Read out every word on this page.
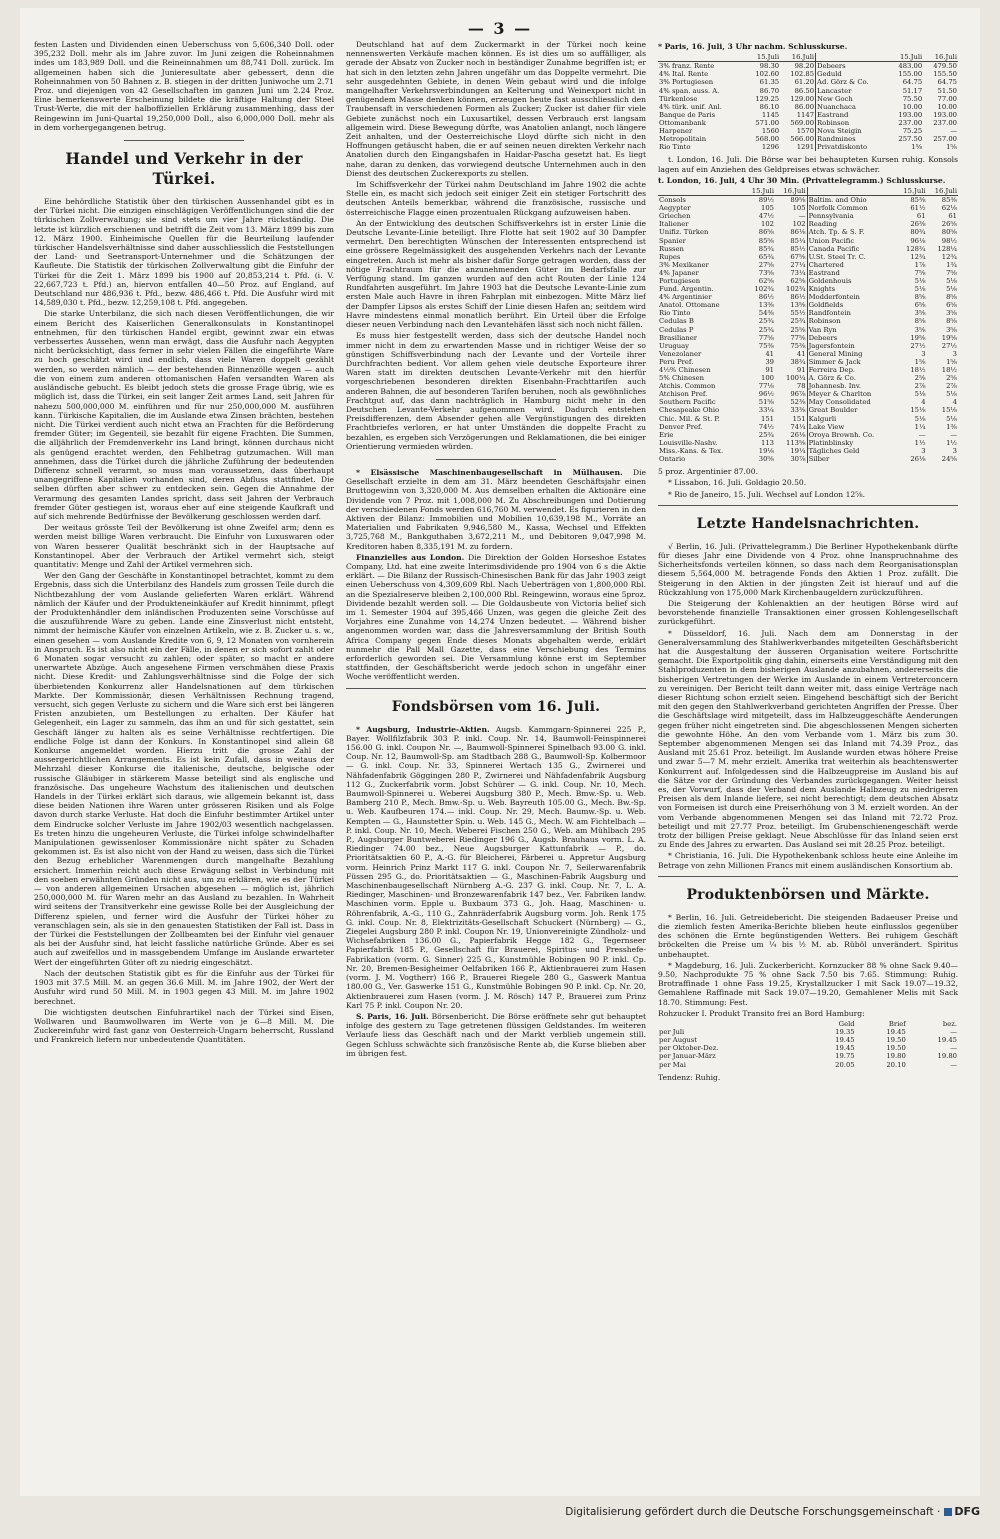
— 3 —

festen Lasten und Dividenden einen Ueberschuss von 5,606,340 Doll. oder 395,232 Doll. mehr als im Jahre zuvor. Im Juni zeigen die Roheinnahmen indes um 183,989 Doll. und die Reineinnahmen um 88,741 Doll. zurück. Im allgemeinen haben sich die Junieresultate aber gebessert, denn die Roheinnahmen von 50 Bahnen z. B. stiegen in der dritten Juniwoche um 2.71 Proz. und diejenigen von 42 Gesellschaften im ganzen Juni um 2.24 Proz. Eine bemerkenswerte Erscheinung bildete die kräftige Haltung der Steel Trust-Werte, die mit der halboffiziellen Erklärung zusammenhing, dass der Reingewinn im Juni-Quartal 19,250,000 Doll., also 6,000,000 Doll. mehr als in dem vorhergegangenen betrug.

Handel und Verkehr in der Türkei.

Eine behördliche Statistik über den türkischen Aussenhandel gibt es in der Türkei nicht. Die einzigen einschlägigen Veröffentlichungen sind die der türkischen Zollverwaltung; sie sind stets um vier Jahre rückständig. Die letzte ist kürzlich erschienen und betrifft die Zeit vom 13. März 1899 bis zum 12. März 1900. Einheimische Quellen für die Beurteilung laufender türkischer Handelsverhältnisse sind daher ausschliesslich die Feststellungen der Land- und Seetransport-Unternehmer und die Schätzungen der Kaufleute. Die Statistik der türkischen Zollverwaltung gibt die Einfuhr der Türkei für die Zeit 1. März 1899 bis 1900 auf 20,853,214 t. Pfd. (i. V. 22,667,723 t. Pfd.) an, hiervon entfallen 40—50 Proz. auf England, auf Deutschland nur 486,936 t. Pfd., bezw. 486,466 t. Pfd. Die Ausfuhr wird mit 14,589,030 t. Pfd., bezw. 12,259,108 t. Pfd. angegeben.

Die starke Unterbilanz, die sich nach diesen Veröffentlichungen, die wir einem Bericht des Kaiserlichen Generalkonsulats in Konstantinopel entnehmen, für den türkischen Handel ergibt, gewinnt zwar ein etwas verbessertes Aussehen, wenn man erwägt, dass die Ausfuhr nach Aegypten nicht berücksichtigt, dass ferner in sehr vielen Fällen die eingeführte Ware zu hoch geschätzt wird und endlich, dass viele Waren doppelt gezählt werden, so werden nämlich — der bestehenden Binnenzölle wegen — auch die von einem zum anderen ottomanischen Hafen versandten Waren als ausländische gebucht. Es bleibt jedoch stets die grosse Frage übrig, wie es möglich ist, dass die Türkei, ein seit langer Zeit armes Land, seit Jahren für nahezu 500,000,000 M. einführen und für nur 250,000,000 M. ausführen kann. Türkische Kapitalien, die im Auslande etwa Zinsen brächten, bestehen nicht. Die Türkei verdient auch nicht etwa an Frachten für die Beförderung fremder Güter; im Gegenteil, sie bezahlt für eigene Frachten. Die Summen, die alljährlich der Fremdenverkehr ins Land bringt, können durchaus nicht als genügend erachtet werden, den Fehlbetrag gutzumachen. Will man annehmen, dass die Türkei durch die jährliche Zuführung der bedeutenden Differenz schnell verarmt, so muss man voraussetzen, dass überhaupt unangegriffene Kapitalien vorhanden sind, deren Abfluss stattfindet. Die selben dürften aber schwer zu entdecken sein. Gegen die Annahme der Verarmung des gesamten Landes spricht, dass seit Jahren der Verbrauch fremder Güter gestiegen ist, woraus eher auf eine steigende Kaufkraft und auf sich mehrende Bedürfnisse der Bevölkerung geschlossen werden darf.

Der weitaus grösste Teil der Bevölkerung ist ohne Zweifel arm; denn es werden meist billige Waren verbraucht. Die Einfuhr von Luxuswaren oder von Waren besserer Qualität beschränkt sich in der Hauptsache auf Konstantinopel. Aber der Verbrauch der Artikel vermehrt sich, steigt quantitativ: Menge und Zahl der Artikel vermehren sich.

Wer den Gang der Geschäfte in Konstantinopel betrachtet, kommt zu dem Ergebnis, dass sich die Unterbilanz des Handels zum grossen Teile durch die Nichtbezahlung der vom Auslande gelieferten Waren erklärt. Während nämlich der Käufer und der Produkteneinkäufer auf Kredit hinnimmt, pflegt der Produktenhändler dem inländischen Produzenten seine Vorschüsse auf die auszuführende Ware zu geben. Lande eine Zinsverlust nicht entsteht, nimmt der heimische Käufer von einzelnen Artikeln, wie z. B. Zucker u. s. w., einen gesehen — vom Auslande Kredite von 6, 9, 12 Monaten von vornherein in Anspruch. Es ist also nicht ein der Fälle, in denen er sich sofort zahlt oder 6 Monaten sogar versucht zu zahlen; oder später, so macht er andere unerwartete Abzüge. Auch angesehene Firmen verschmähen diese Praxis nicht. Diese Kredit- und Zahlungsverhältnisse sind die Folge der sich überbietenden Konkurrenz aller Handelsnationen auf dem türkischen Markte. Der Kommissionär, diesen Verhältnissen Rechnung tragend, versucht, sich gegen Verluste zu sichern und die Ware sich erst bei längeren Fristen anzubieten, um Bestellungen zu erhalten. Der Käufer hat Gelegenheit, ein Lager zu sammeln, das ihm an und für sich gestattet, sein Geschäft länger zu halten als es seine Verhältnisse rechtfertigen. Die endliche Folge ist dann der Konkurs. In Konstantinopel sind allein 68 Konkurse angemeldet worden. Hierzu tritt die grosse Zahl der aussergerichtlichen Arrangements. Es ist kein Zufall, dass in weitaus der Mehrzahl dieser Konkurse die italienische, deutsche, belgische oder russische Gläubiger in stärkerem Masse beteiligt sind als englische und französische. Das ungeheure Wachstum des italienischen und deutschen Handels in der Türkei erklärt sich daraus, wie allgemein bekannt ist, dass diese beiden Nationen ihre Waren unter grösseren Risiken und als Folge davon durch starke Verluste. Hat doch die Einfuhr bestimmter Artikel unter dem Eindrucke solcher Verluste im Jahre 1902/03 wesentlich nachgelassen. Es treten hinzu die ungeheuren Verluste, die Türkei infolge schwindelhafter Manipulationen gewissenloser Kommissionäre nicht später zu Schaden gekommen ist. Es ist also nicht von der Hand zu weisen, dass sich die Türkei den Bezug erheblicher Warenmengen durch mangelhafte Bezahlung ersichert. Immerhin reicht auch diese Erwägung selbst in Verbindung mit den soeben erwähnten Gründen nicht aus, um zu erklären, wie es der Türkei — von anderen allgemeinen Ursachen abgesehen — möglich ist, jährlich 250,000,000 M. für Waren mehr an das Ausland zu bezahlen. In Wahrheit wird seitens der Transitverkehr eine gewisse Rolle bei der Ausgleichung der Differenz spielen, und ferner wird die Ausfuhr der Türkei höher zu veranschlagen sein, als sie in den genauesten Statistiken der Fall ist. Dass in der Türkei die Feststellungen der Zollbeamten bei der Einfuhr viel genauer als bei der Ausfuhr sind, hat leicht fassliche natürliche Gründe. Aber es sei auch auf zweifellos und in massgebendem Umfange im Auslande erwarteter Wert der eingeführten Güter oft zu niedrig eingeschätzt.

Nach der deutschen Statistik gibt es für die Einfuhr aus der Türkei für 1903 mit 37.5 Mill. M. an gegen 36.6 Mill. M. im Jahre 1902, der Wert der Ausfuhr wird rund 50 Mill. M. in 1903 gegen 43 Mill. M. im Jahre 1902 berechnet.

Die wichtigsten deutschen Einfuhrartikel nach der Türkei sind Eisen, Wollwaren und Baumwollwaren im Werte von je 6—8 Mill. M. Die Zuckereinfuhr wird fast ganz von Oesterreich-Ungarn beherrscht, Russland und Frankreich liefern nur unbedeutende Quantitäten.

Deutschland hat auf dem Zuckermarkt in der Türkei noch keine nennenswerten Verkäufe machen können. Es ist dies um so auffälliger, als gerade der Absatz von Zucker noch in beständiger Zunahme begriffen ist; er hat sich in den letzten zehn Jahren ungefähr um das Doppelte vermehrt. Die sehr ausgedehnten Gebiete, in denen Wein gebaut wird und die infolge mangelhafter Verkehrsverbindungen an Kelterung und Weinexport nicht in genügendem Masse denken können, erzeugen heute fast ausschliesslich den Traubensaft in verschiedenen Formen als Zucker; Zucker ist daher für viele Gebiete zunächst noch ein Luxusartikel, dessen Verbrauch erst langsam allgemein wird. Diese Bewegung dürfte, was Anatolien anlangt, noch längere Zeit anhalten, und der Oesterreichische Lloyd dürfte sich nicht in den Hoffnungen getäuscht haben, die er auf seinen neuen direkten Verkehr nach Anatolien durch den Eingangshafen in Haidar-Pascha gesetzt hat. Es liegt nahe, daran zu denken, das vorwiegend deutsche Unternehmen auch in den Dienst des deutschen Zuckerexports zu stellen.

Im Schiffsverkehr der Türkei nahm Deutschland im Jahre 1902 die achte Stelle ein, es macht sich jedoch seit einiger Zeit ein stetiger Fortschritt des deutschen Anteils bemerkbar, während die französische, russische und österreichische Flagge einen prozentualen Rückgang aufzuweisen haben.

An der Entwicklung des deutschen Schiffsverkehrs ist in erster Linie die Deutsche Levante-Linie beteiligt. Ihre Flotte hat seit 1902 auf 30 Dampfer vermehrt. Den berechtigten Wünschen der Interessenten entsprechend ist eine grössere Regelmässigkeit des ausgehenden Verkehrs nach der Levante eingetreten. Auch ist mehr als bisher dafür Sorge getragen worden, dass der nötige Frachtraum für die anzunehmenden Güter im Bedarfsfalle zur Verfügung stand. Im ganzen wurden auf den acht Routen der Linie 124 Rundfahrten ausgeführt. Im Jahre 1903 hat die Deutsche Levante-Linie zum ersten Male auch Havre in ihren Fahrplan mit einbezogen. Mitte März lief der Dampfer Lipsos als erstes Schiff der Linie diesen Hafen an; seitdem wird Havre mindestens einmal monatlich berührt. Ein Urteil über die Erfolge dieser neuen Verbindung nach den Levantehäfen lässt sich noch nicht fällen.

Es muss hier festgestellt werden, dass sich der deutsche Handel noch immer nicht in dem zu erwartenden Masse und in richtiger Weise der so günstigen Schiffsverbindung nach der Levante und der Vorteile ihrer Durchfrachten bedient. Vor allem gehen viele deutsche Exporteure ihrer Waren statt im direkten deutschen Levante-Verkehr mit den hierfür vorgeschriebenen besonderen direkten Eisenbahn-Frachttarifen auch anderen Bahnen, die auf besonderen Tarifen beruhen, noch als gewöhnliches Frachtgut auf, das dann nachträglich in Hamburg nicht mehr in den Deutschen Levante-Verkehr aufgenommen wird. Dadurch entstehen Preisdifferenzen, dem Absender gehen alle Vergünstigungen des direkten Frachtbriefes verloren, er hat unter Umständen die doppelte Fracht zu bezahlen, es ergeben sich Verzögerungen und Reklamationen, die bei einiger Orientierung vermieden würden.

* Elsässische Maschinenbaugesellschaft in Mülhausen. Die Gesellschaft erzielte in dem am 31. März beendeten Geschäftsjahr einen Bruttogewinn von 3,320,000 M. Aus demselben erhalten die Aktionäre eine Dividende von 7 Proz. mit 1,008,000 M. Zu Abschreibungen und Dotierung der verschiedenen Fonds werden 616,760 M. verwendet. Es figurieren in den Aktiven der Bilanz: Immobilien und Mobilien 10,639,198 M., Vorräte an Materialien und Fabrikaten 9,946,580 M., Kassa, Wechsel und Effekten 3,725,768 M., Bankguthaben 3,672,211 M., und Debitoren 9,047,998 M. Kreditoren haben 8,335,191 M. zu fordern.

Finanzielles aus London. Die Direktion der Golden Horseshoe Estates Company, Ltd. hat eine zweite Interimsdividende pro 1904 von 6 s die Aktie erklärt. — Die Bilanz der Russisch-Chinesischen Bank für das Jahr 1903 zeigt einen Ueberschuss von 4,309,609 Rbl. Nach Ueberträgen von 1,800,000 Rbl. an die Spezialreserve bleiben 2,100,000 Rbl. Reingewinn, woraus eine 5proz. Dividende bezahlt werden soll. — Die Goldausbeute von Victoria belief sich im 1. Semester 1904 auf 395,466 Unzen, was gegen die gleiche Zeit des Vorjahres eine Zunahme von 14,274 Unzen bedeutet. — Während bisher angenommen worden war, dass die Jahresversammlung der British South Africa Company gegen Ende dieses Monats abgehalten werde, erklärt nunmehr die Pall Mall Gazette, dass eine Verschiebung des Termins erforderlich geworden sei. Die Versammlung könne erst im September stattfinden, der Geschäftsbericht werde jedoch schon in ungefähr einer Woche veröffentlicht werden.

Fondsbörsen vom 16. Juli.

* Augsburg, Industrie-Aktien. Augsb. Kammgarn-Spinnerei 225 P., Bayer. Wollfilzfabrik 303 P. inkl. Coup. Nr. 14, Baumwoll-Feinspinnerei 156.00 G. inkl. Coupon Nr. —, Baumwoll-Spinnerei Spinelbach 93.00 G. inkl. Coup. Nr. 12, Baumwoll-Sp. am Stadtbach 288 G., Baumwoll-Sp. Kolbermoor — G. inkl. Coup. Nr. 33, Spinnerei Wertach 135 G., Zwirnerei und Nähfadenfabrik Göggingen 280 P., Zwirnerei und Nähfadenfabrik Augsburg 112 G., Zuckerfabrik vorm. Jobst Schürer — G. inkl. Coup. Nr. 10, Mech. Baumwoll-Spinnerei u. Weberei Augsburg 380 P., Mech. Bmw.-Sp. u. Web. Bamberg 210 P., Mech. Bmw.-Sp. u. Web. Bayreuth 105.00 G., Mech. Bw.-Sp. u. Web. Kaufbeuren 174.— inkl. Coup. Nr. 29, Mech. Baumw.-Sp. u. Web. Kempten — G., Haunstetter Spin. u. Web. 145 G., Mech. W. am Fichtelbach — P. inkl. Coup. Nr. 10, Mech. Weberei Fischen 250 G., Web. am Mühlbach 295 P., Augsburger Buntweberei Riedinger 196 G., Augsb. Brauhaus vorm. L. A. Riedinger 74.00 bez., Neue Augsburger Kattunfabrik — P., do. Prioritätsaktien 60 P., A.-G. für Bleicherei, Färberei u. Appretur Augsburg vorm. Heinrich Prinz Markt 117 G. inkl. Coupon Nr. 7, Seilerwarenfabrik Füssen 295 G., do. Prioritätsaktien — G., Maschinen-Fabrik Augsburg und Maschinenbaugesellschaft Nürnberg A.-G. 237 G. inkl. Coup. Nr. 7, L. A. Riedinger, Maschinen- und Bronzewarenfabrik 147 bez., Ver. Fabriken landw. Maschinen vorm. Epple u. Buxbaum 373 G., Joh. Haag, Maschinen- u. Röhrenfabrik, A.-G., 110 G., Zahnräderfabrik Augsburg vorm. Joh. Renk 175 G. inkl. Coup. Nr. 8, Elektrizitäts-Gesellschaft Schuckert (Nürnberg) — G., Ziegelei Augsburg 280 P. inkl. Coupon Nr. 19, Unionvereinigte Zündholz- und Wichsefabriken 136.00 G., Papierfabrik Hegge 182 G., Tegernseer Papierfabrik 185 P., Gesellschaft für Brauerei, Spiritus- und Presshefe-Fabrikation (vorm. G. Sinner) 225 G., Kunstmühle Bobingen 90 P. inkl. Cp. Nr. 20, Bremen-Besigheimer Oelfabriken 166 P., Aktienbrauerei zum Hasen (vorm. J. M. Vogtherr) 166 P., Brauerei Riegele 280 G., Gaswerk Mantua 180.00 G., Ver. Gaswerke 151 G., Kunstmühle Bobingen 90 P. inkl. Cp. Nr. 20, Aktienbrauerei zum Hasen (vorm. J. M. Rösch) 147 P., Brauerei zum Prinz Karl 75 P. inkl. Coupon Nr. 20.

S. Paris, 16. Juli. Börsenbericht. Die Börse eröffnete sehr gut behauptet infolge des gestern zu Tage getretenen flüssigen Geldstandes. Im weiteren Verlaufe liess das Geschäft nach und der Markt verblieb ungemein still. Gegen Schluss schwächte sich französische Rente ab, die Kurse blieben aber im übrigen fest.

* Paris, 16. Juli, 3 Uhr nachm. Schlusskurse.
	15.Juli	16.Juli		15.Juli	16.Juli
3% franz. Rente	98.30	98.20	Debeers	483.00	479.50
4% Ital. Rente	102.60	102.85	Geduld	155.00	155.50
3% Portugiesen	61.35	61.20	Ad. Görz & Co.	64.75	64.75
4% span. auss. A.	86.70	86.50	Lancaster	51.17	51.50
Türkenlose	129.25	129.00	New Goch	75.50	77.00
4% türk. unif. Anl.	86.10	86.00	Nuanchaca	10.00	10.00
Banque de Paris	1145	1147	Eastrand	193.00	193.00
Ottomanbank	571.00	569.00	Robinson	237.00	237.00
Harpener	1560	1570	Nova Steigin	75.25	—
Metropolitain	568.00	566.00	Randmines	257.50	257.00
Rio Tinto	1296	1291	Privatdiskonto	1⅝	1⅝

t. London, 16. Juli. Die Börse war bei behaupteten Kursen ruhig. Konsols lagen auf ein Anziehen des Geldpreises etwas schwächer.

t. London, 16. Juli, 4 Uhr 30 Min. (Privattelegramm.) Schlusskurse.
	15.Juli	16.Juli		15.Juli	16.Juli
Consols	89½	89⅝	Baltim. and Ohio	85⅜	85⅜
Aegypter	105	105	Norfolk Common	61½	62⅛
Griechen	47½	—	Pennsylvania	61	61
Italiener	102	102	Reading	26⅜	26⅝
Unifiz. Türken	86⅝	86⅛	Atch. Tp. & S. F.	80¾	80⅝
Spanier	85⅝	85¼	Union Pacific	96⅛	98½
Russen	85¾	85½	Canada Pacific	128¾	128¼
Rupes	65¾	67⅝	U.St. Steel Tr. C.	12¾	12¾
3% Mexikaner	27⅝	27¼	Chartered	1⅞	1¾
4% Japaner	73⅝	73¼	Eastrand	7⅝	7⅝
Portugiesen	62⅝	62⅝	Goldenhouis	5⅛	5⅛
Fund. Argentin.	102¾	102¾	Knights	5⅛	5⅛
4% Argentinier	86½	86½	Modderfontein	8⅝	8⅝
Anatol. Ottomane	13⅜	13⅝	Goldfields	6⅝	6⅝
Rio Tinto	54⅜	55½	Randfontein	3⅝	3⅝
Cedulas B	25¾	25¾	Robinson	8⅝	8⅝
Cedulas P	25¾	25⅝	Van Ryn	3⅝	3⅝
Brasilianer	77⅝	77⅝	Debeers	19⅝	19⅝
Uruguay	75⅜	75⅜	Jagersfontein	27½	27½
Venezolaner	41	41	General Mining	3	3
Peru Pref.	39	38¾	Simmer & Jack	1⅝	1⅝
4½% Chinesen	91	91	Ferreira Dep.	18½	18½
5% Chinesen	100	100¼	A. Görz & Co.	2⅝	2⅝
Atchis. Common	77⅛	78	Johannesb. Inv.	2⅞	2⅞
Atchison Pref.	96½	96⅞	Meyer & Charlton	5⅛	5⅛
Southern Pacific	51⅝	52⅜	May Consolidated	4	4
Chesapeake Ohio	33¼	33⅜	Great Boulder	15⅛	15⅛
Chic. Mil. & St. P.	151	151	Kalgurli	5⅛	5⅛
Denver Pref.	74½	74¼	Lake View	1¼	1⅜
Erie	25¾	26⅛	Oroya Brownh. Co.	—	—
Louisville-Nashv.	113	113⅝	Platinblinsky	1½	1½
Miss.-Kans. & Tex.	19⅛	19¼	Tägliches Geld	3	3
Ontario	30⅝	30⅞	Silber	26⅛	24⅝

5 proz. Argentinier 87.00.

* Lissabon, 16. Juli. Goldagio 20.50.

* Rio de Janeiro, 15. Juli. Wechsel auf London 12⅝.

Letzte Handelsnachrichten.

√ Berlin, 16. Juli. (Privattelegramm.) Die Berliner Hypothekenbank dürfte für dieses Jahr eine Dividende von 4 Proz. ohne Inanspruchnahme des Sicherheitsfonds verteilen können, so dass nach dem Reorganisationsplan diesem 5,564,000 M. betragende Fonds den Aktien 1 Proz. zufällt. Die Steigerung in den Aktien in der jüngsten Zeit ist hierauf und auf die Rückzahlung von 175,000 Mark Kirchenbaugeldern zurückzuführen.

Die Steigerung der Kohlenaktien an der heutigen Börse wird auf bevorstehende finanzielle Transaktionen einer grossen Kohlengesellschaft zurückgeführt.

* Düsseldorf, 16. Juli. Nach dem am Donnerstag in der Generalversammlung des Stahlwerkverbandes mitgeteilten Geschäftsbericht hat die Ausgestaltung der äusseren Organisation weitere Fortschritte gemacht. Die Exportpolitik ging dahin, einerseits eine Verständigung mit den Stahlproduzenten in dem bisherigen Auslande anzubahnen, andererseits die bisherigen Vertretungen der Werke im Auslande in einem Vertreterconcern zu vereinigen. Der Bericht teilt dann weiter mit, dass einige Verträge nach dieser Richtung schon erzielt seien. Eingehend beschäftigt sich der Bericht mit den gegen den Stahlwerkverband gerichteten Angriffen der Presse. Über die Geschäftslage wird mitgeteilt, dass im Halbzeuggeschäfte Aenderungen gegen früher nicht eingetreten sind. Die abgeschlossenen Mengen sicherten die gewohnte Höhe. An den vom Verbande vom 1. März bis zum 30. September abgenommenen Mengen sei das Inland mit 74.39 Proz., das Ausland mit 25.61 Proz. beteiligt. Im Auslande wurden etwas höhere Preise und zwar 5—7 M. mehr erzielt. Amerika trat weiterhin als beachtenswerter Konkurrent auf. Infolgedessen sind die Halbzeugpreise im Ausland bis auf die Sätze vor der Gründung des Verbandes zurückgegangen. Weiter heisst es, der Vorwurf, dass der Verband dem Auslande Halbzeug zu niedrigeren Preisen als dem Inlande liefere, sei nicht berechtigt; dem deutschen Absatz von Formeisen ist durch eine Preiserhöhung von 3 M. erzielt worden. An der vom Verbande abgenommenen Mengen sei das Inland mit 72.72 Proz. beteiligt und mit 27.77 Proz. beteiligt. Im Grubenschienengeschäft werde trotz der billigen Preise geklagt. Neue Abschlüsse für das Inland seien erst zu Ende des Jahres zu erwarten. Das Ausland sei mit 28.25 Proz. beteiligt.

* Christiania, 16. Juli. Die Hypothekenbank schloss heute eine Anleihe im Betrage von zehn Millionen Francs mit einem ausländischen Konsortium ab.

Produktenbörsen und Märkte.

* Berlin, 16. Juli. Getreidebericht. Die steigenden Badaeuser Preise und die ziemlich festen Amerika-Berichte blieben heute einflusslos gegenüber des schönen die Ernte begünstigenden Wetters. Bei ruhigem Geschäft bröckelten die Preise um ¼ bis ½ M. ab. Rüböl unverändert. Spiritus unbehauptet.

* Magdeburg, 16. Juli. Zuckerbericht. Kornzucker 88 % ohne Sack 9.40—9.50, Nachprodukte 75 % ohne Sack 7.50 bis 7.65. Stimmung: Ruhig. Brotraffinade 1 ohne Fass 19.25, Krystallzucker I mit Sack 19.07—19.32, Gemahlene Raffinade mit Sack 19.07—19.20, Gemahlener Melis mit Sack 18.70. Stimmung: Fest.

Rohzucker I. Produkt Transito frei an Bord Hamburg:

	Geld	Brief	bez.
per Juli	19.35	19.45	—
per August	19.45	19.50	19.45
per Oktober-Dez.	19.45	19.50	—
per Januar-März	19.75	19.80	19.80
per Mai	20.05	20.10	—

Tendenz: Ruhig.

Digitalisierung gefördert durch die Deutsche Forschungsgemeinschaft · DFG
